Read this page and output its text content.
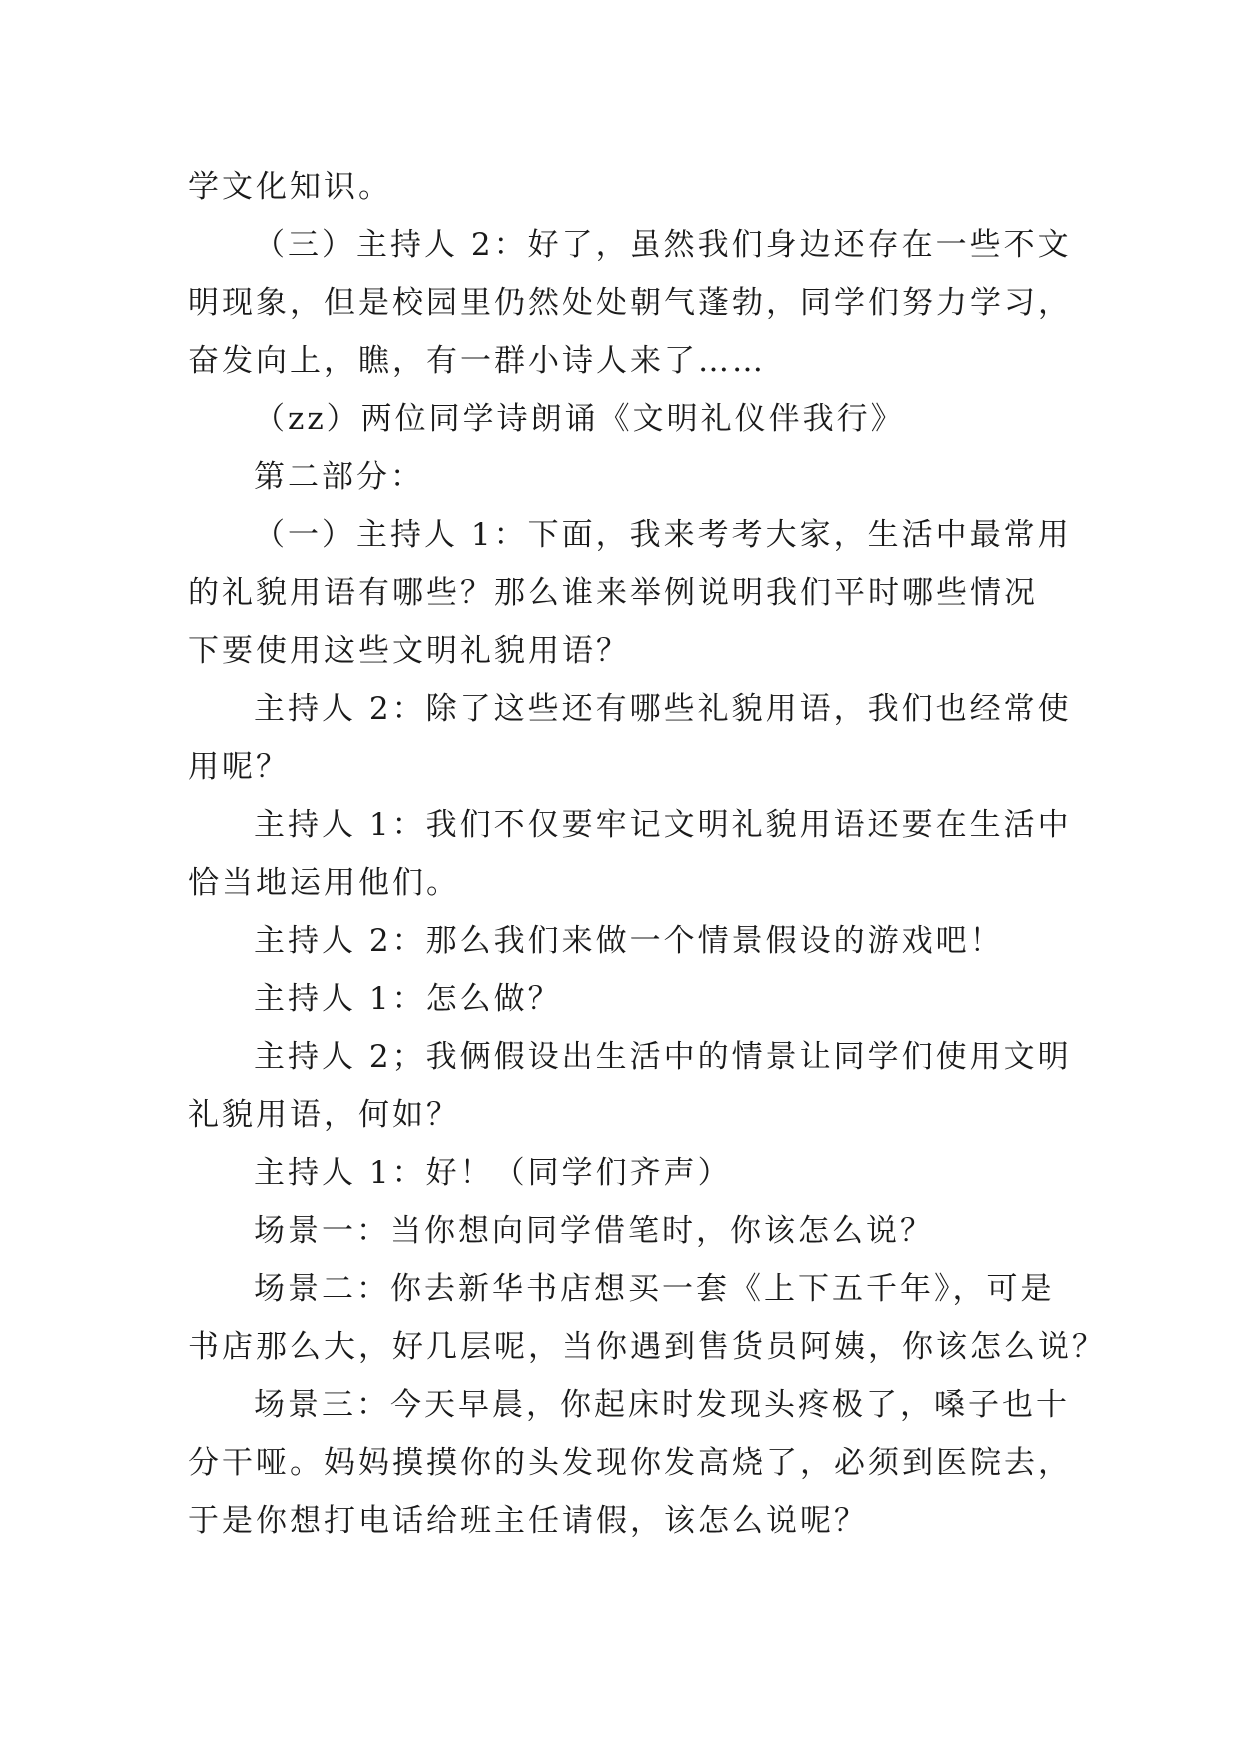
学文化知识。
（三）主持人 2：好了，虽然我们身边还存在一些不文
明现象，但是校园里仍然处处朝气蓬勃，同学们努力学习，
奋发向上，瞧，有一群小诗人来了……
（zz）两位同学诗朗诵《文明礼仪伴我行》
第二部分：
（一）主持人 1：下面，我来考考大家，生活中最常用
的礼貌用语有哪些？那么谁来举例说明我们平时哪些情况
下要使用这些文明礼貌用语？
主持人 2：除了这些还有哪些礼貌用语，我们也经常使
用呢？
主持人 1：我们不仅要牢记文明礼貌用语还要在生活中
恰当地运用他们。
主持人 2：那么我们来做一个情景假设的游戏吧！
主持人 1：怎么做？
主持人 2；我俩假设出生活中的情景让同学们使用文明
礼貌用语，何如？
主持人 1：好！（同学们齐声）
场景一：当你想向同学借笔时，你该怎么说？
场景二：你去新华书店想买一套《上下五千年》，可是
书店那么大，好几层呢，当你遇到售货员阿姨，你该怎么说？
场景三：今天早晨，你起床时发现头疼极了，嗓子也十
分干哑。妈妈摸摸你的头发现你发高烧了，必须到医院去，
于是你想打电话给班主任请假，该怎么说呢？
